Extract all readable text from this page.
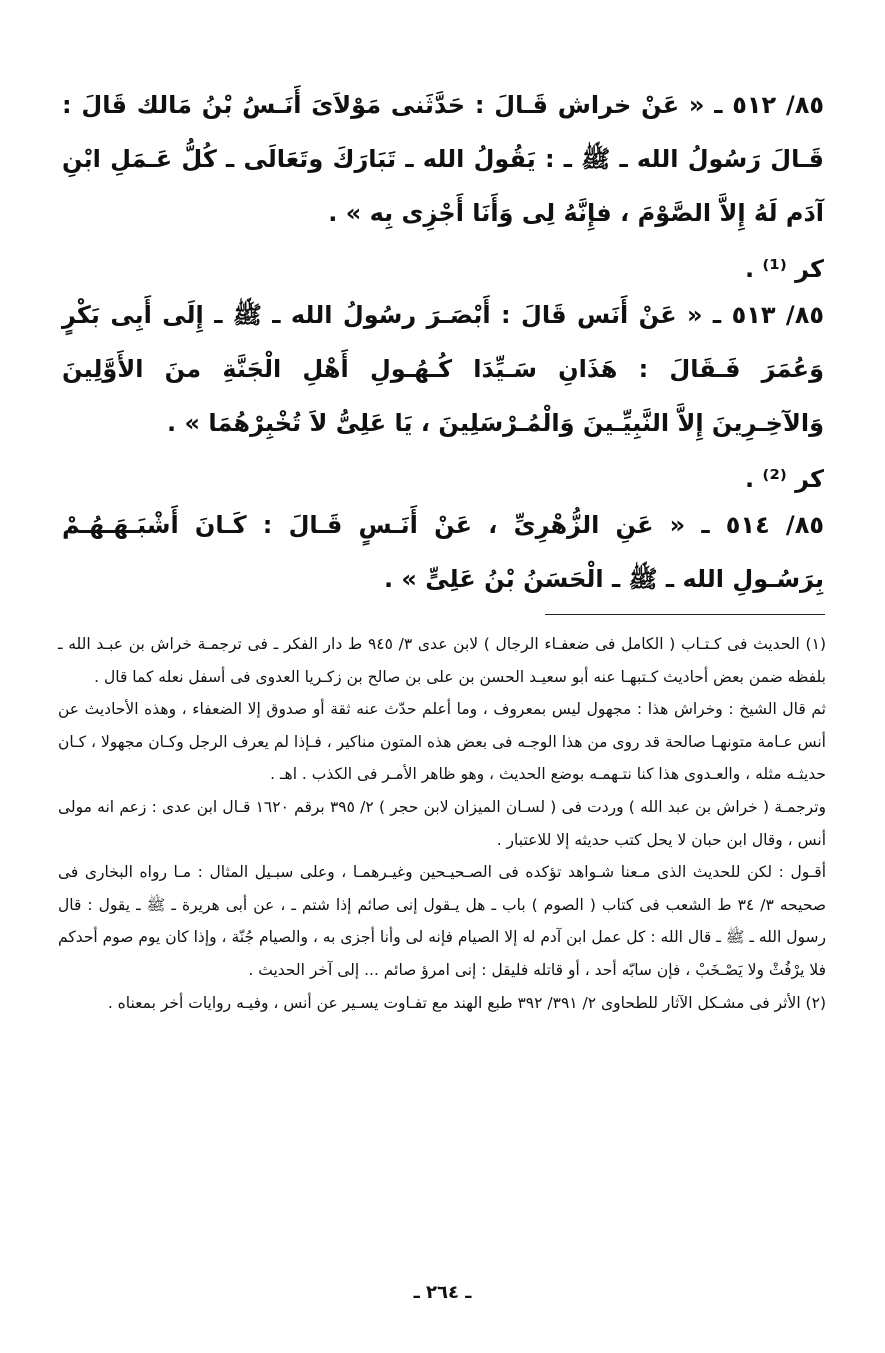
٨٥/ ٥١٢ ـ « عَنْ خراش قَـالَ : حَدَّثَنى مَوْلاَىَ أَنَـسُ بْنُ مَالك قَالَ : قَـالَ رَسُولُ الله ـ ﷺ ـ : يَقُولُ الله ـ تَبَارَكَ وتَعَالَى ـ كُلُّ عَـمَلِ ابْنِ آدَم لَهُ إِلاَّ الصَّوْمَ ، فإِنَّهُ لِى وَأَنَا أَجْزِى بِه » .

كر ⁽¹⁾ .

٨٥/ ٥١٣ ـ « عَنْ أَنَس قَالَ : أَبْصَـرَ رسُولُ الله ـ ﷺ ـ إِلَى أَبِى بَكْرٍ وَعُمَرَ فَـقَالَ : هَذَانِ سَـيِّدَا كُـهُـولِ أَهْلِ الْجَنَّةِ منَ الأَوَّلِينَ وَالآخِـرِينَ إِلاَّ النَّبِيِّـينَ وَالْمُـرْسَلِينَ ، يَا عَلِىُّ لاَ تُخْبِرْهُمَا » .

كر ⁽²⁾ .

٨٥/ ٥١٤ ـ « عَنِ الزُّهْرِىِّ ، عَنْ أَنَـسٍ قَـالَ : كَـانَ أَشْبَـهَـهُـمْ بِرَسُـولِ الله ـ ﷺ ـ الْحَسَنُ بْنُ عَلِىٍّ » .

(١) الحديث فى كـتـاب ( الكامل فى ضعفـاء الرجال ) لابن عدى ٣/ ٩٤٥ ط دار الفكر ـ فى ترجمـة خراش بن عبـد الله ـ بلفظه ضمن بعض أحاديث كـتبهـا عنه أبو سعيـد الحسن بن على بن صالح بن زكـريا العدوى فى أسفل نعله كما قال .

ثم قال الشيخ : وخراش هذا : مجهول ليس بمعروف ، وما أعلم حدّث عنه ثقة أو صدوق إلا الضعفاء ، وهذه الأحاديث عن أنس عـامة متونهـا صالحة قد روى من هذا الوجـه فى بعض هذه المتون مناكير ، فـإذا لم يعرف الرجل وكـان مجهولا ، كـان حديثـه مثله ، والعـدوى هذا كنا نتـهمـه بوضع الحديث ، وهو ظاهر الأمـر فى الكذب . اهـ .

وترجمـة ( خراش بن عبد الله ) وردت فى ( لسـان الميزان لابن حجر ) ٢/ ٣٩٥ برقم ١٦٢٠ قـال ابن عدى : زعم انه مولى أنس ، وقال ابن حبان لا يحل كتب حديثه إلا للاعتبار .

أقـول : لكن للحديث الذى مـعنا شـواهد تؤكده فى الصـحيـحين وغيـرهمـا ، وعلى سبـيل المثال : مـا رواه البخارى فى صحيحه ٣/ ٣٤ ط الشعب فى كتاب ( الصوم ) باب ـ هل يـقول إنى صائم إذا شتم ـ ، عن أبى هريرة ـ ﷺ ـ يقول : قال رسول الله ـ ﷺ ـ قال الله : كل عمل ابن آدم له إلا الصيام فإنه لى وأنا أجزى به ، والصيام جُنّة ، وإذا كان يوم صوم أحدكم فلا يرْفُثْ ولا يَصْـخَبْ ، فإن سابّه أحد ، أو قاتله فليقل : إنى امرؤ صائم ... إلى آخر الحديث .

(٢) الأثر فى مشـكل الآثار للطحاوى ٢/ ٣٩١/ ٣٩٢ طبع الهند مع تفـاوت يسـير عن أنس ، وفيـه روايات أخر بمعناه .

ـ ٢٦٤ ـ
